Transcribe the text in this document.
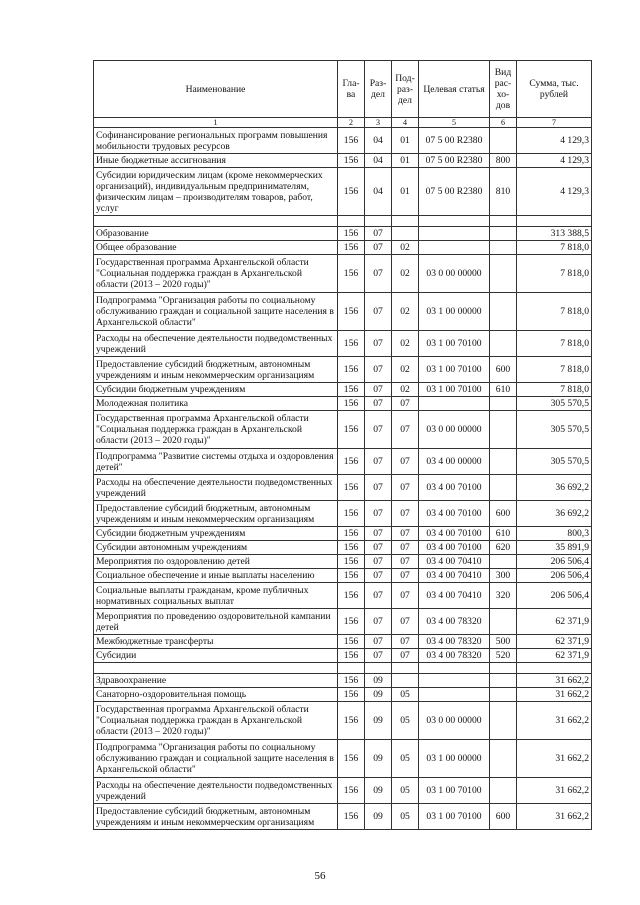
Наименование	Гла-ва	Раз-дел	Под-раз-дел	Целевая статья	Вид рас-хо-дов	Сумма, тыс. рублей
1	2	3	4	5	6	7
Софинансирование региональных программ повышения мобильности трудовых ресурсов	156	04	01	07 5 00 R2380		4 129,3
Иные бюджетные ассигнования	156	04	01	07 5 00 R2380	800	4 129,3
Субсидии юридическим лицам (кроме некоммерческих организаций), индивидуальным предпринимателям, физическим лицам – производителям товаров, работ, услуг	156	04	01	07 5 00 R2380	810	4 129,3

Образование	156	07				313 388,5
Общее образование	156	07	02			7 818,0
Государственная программа Архангельской области "Социальная поддержка граждан в Архангельской области (2013 – 2020 годы)"	156	07	02	03 0 00 00000		7 818,0
Подпрограмма "Организация работы по социальному обслуживанию граждан и социальной защите населения в Архангельской области"	156	07	02	03 1 00 00000		7 818,0
Расходы на обеспечение деятельности подведомственных учреждений	156	07	02	03 1 00 70100		7 818,0
Предоставление субсидий бюджетным, автономным учреждениям и иным некоммерческим организациям	156	07	02	03 1 00 70100	600	7 818,0
Субсидии бюджетным учреждениям	156	07	02	03 1 00 70100	610	7 818,0
Молодежная политика	156	07	07			305 570,5
Государственная программа Архангельской области "Социальная поддержка граждан в Архангельской области (2013 – 2020 годы)"	156	07	07	03 0 00 00000		305 570,5
Подпрограмма "Развитие системы отдыха и оздоровления детей"	156	07	07	03 4 00 00000		305 570,5
Расходы на обеспечение деятельности подведомственных учреждений	156	07	07	03 4 00 70100		36 692,2
Предоставление субсидий бюджетным, автономным учреждениям и иным некоммерческим организациям	156	07	07	03 4 00 70100	600	36 692,2
Субсидии бюджетным учреждениям	156	07	07	03 4 00 70100	610	800,3
Субсидии автономным учреждениям	156	07	07	03 4 00 70100	620	35 891,9
Мероприятия по оздоровлению детей	156	07	07	03 4 00 70410		206 506,4
Социальное обеспечение и иные выплаты населению	156	07	07	03 4 00 70410	300	206 506,4
Социальные выплаты гражданам, кроме публичных нормативных социальных выплат	156	07	07	03 4 00 70410	320	206 506,4
Мероприятия по проведению оздоровительной кампании детей	156	07	07	03 4 00 78320		62 371,9
Межбюджетные трансферты	156	07	07	03 4 00 78320	500	62 371,9
Субсидии	156	07	07	03 4 00 78320	520	62 371,9

Здравоохранение	156	09				31 662,2
Санаторно-оздоровительная помощь	156	09	05			31 662,2
Государственная программа Архангельской области "Социальная поддержка граждан в Архангельской области (2013 – 2020 годы)"	156	09	05	03 0 00 00000		31 662,2
Подпрограмма "Организация работы по социальному обслуживанию граждан и социальной защите населения в Архангельской области"	156	09	05	03 1 00 00000		31 662,2
Расходы на обеспечение деятельности подведомственных учреждений	156	09	05	03 1 00 70100		31 662,2
Предоставление субсидий бюджетным, автономным учреждениям и иным некоммерческим организациям	156	09	05	03 1 00 70100	600	31 662,2
56
